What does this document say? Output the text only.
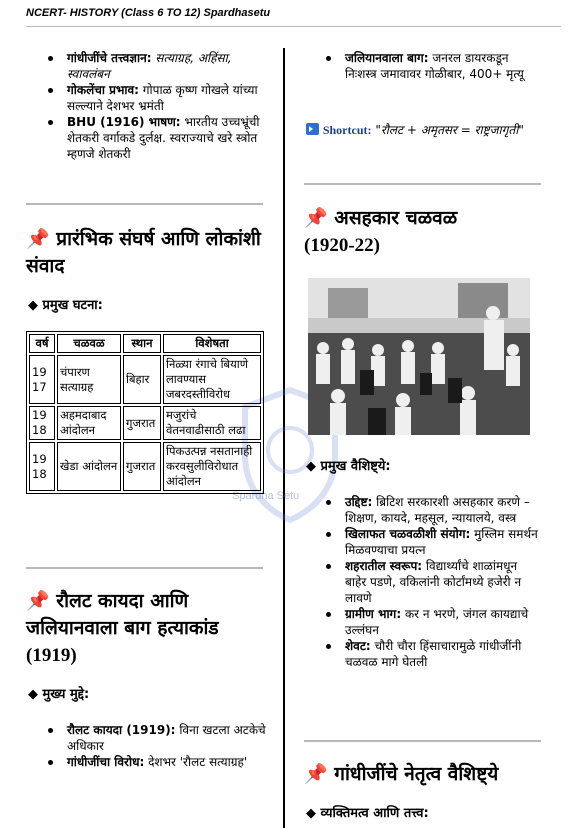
NCERT- HISTORY (Class 6 TO 12) Spardhasetu
Spardha Setu
गांधीजींचे तत्त्वज्ञान: सत्याग्रह, अहिंसा, स्वावलंबन
गोकलेंचा प्रभाव: गोपाळ कृष्ण गोखले यांच्या सल्ल्याने देशभर भ्रमंती
BHU (1916) भाषण: भारतीय उच्चभ्रूंची शेतकरी वर्गाकडे दुर्लक्ष. स्वराज्याचे खरे स्त्रोत म्हणजे शेतकरी
📌 प्रारंभिक संघर्ष आणि लोकांशी संवाद
◆ प्रमुख घटना:
वर्ष	चळवळ	स्थान	विशेषता
1917	चंपारण सत्याग्रह	बिहार	निळ्या रंगाचे बियाणे लावण्यास जबरदस्तीविरोध
1918	अहमदाबाद आंदोलन	गुजरात	मजुरांचे वेतनवाढीसाठी लढा
1918	खेडा आंदोलन	गुजरात	पिकउत्पन्न नसतानाही करवसुलीविरोधात आंदोलन
📌 रौलट कायदा आणि जलियानवाला बाग हत्याकांड (1919)
◆ मुख्य मुद्दे:
रौलट कायदा (1919): विना खटला अटकेचे अधिकार
गांधीजींचा विरोध: देशभर 'रौलट सत्याग्रह'
जलियानवाला बाग: जनरल डायरकडून निःशस्त्र जमावावर गोळीबार, 400+ मृत्यू
Shortcut: "रौलट + अमृतसर = राष्ट्रजागृती"
📌 असहकार चळवळ
(1920-22)
◆ प्रमुख वैशिष्ट्ये:
उद्दिष्ट: ब्रिटिश सरकारशी असहकार करणे – शिक्षण, कायदे, महसूल, न्यायालये, वस्त्र
खिलाफत चळवळीशी संयोग: मुस्लिम समर्थन मिळवण्याचा प्रयत्न
शहरातील स्वरूप: विद्यार्थ्यांचे शाळांमधून बाहेर पडणे, वकिलांनी कोर्टांमध्ये हजेरी न लावणे
ग्रामीण भाग: कर न भरणे, जंगल कायद्याचे उल्लंघन
शेवट: चौरी चौरा हिंसाचारामुळे गांधीजींनी चळवळ मागे घेतली
📌 गांधीजींचे नेतृत्व वैशिष्ट्ये
◆ व्यक्तिमत्व आणि तत्त्व:
